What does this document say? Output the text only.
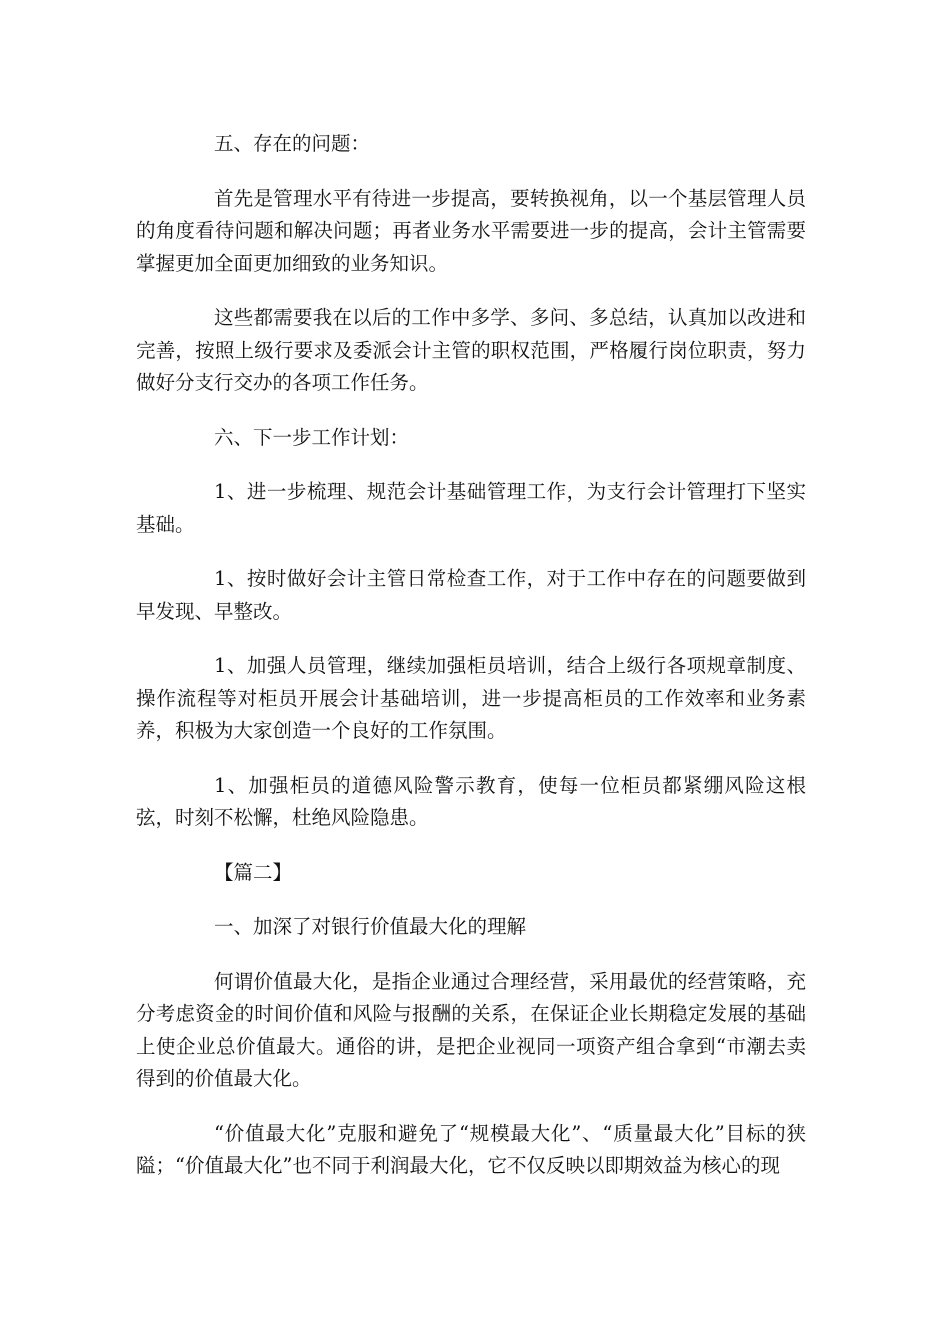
五、存在的问题：

首先是管理水平有待进一步提高，要转换视角，以一个基层管理人员的角度看待问题和解决问题；再者业务水平需要进一步的提高，会计主管需要掌握更加全面更加细致的业务知识。

这些都需要我在以后的工作中多学、多问、多总结，认真加以改进和完善，按照上级行要求及委派会计主管的职权范围，严格履行岗位职责，努力做好分支行交办的各项工作任务。

六、下一步工作计划：

1、进一步梳理、规范会计基础管理工作，为支行会计管理打下坚实基础。

1、按时做好会计主管日常检查工作，对于工作中存在的问题要做到早发现、早整改。

1、加强人员管理，继续加强柜员培训，结合上级行各项规章制度、操作流程等对柜员开展会计基础培训，进一步提高柜员的工作效率和业务素养，积极为大家创造一个良好的工作氛围。

1、加强柜员的道德风险警示教育，使每一位柜员都紧绷风险这根弦，时刻不松懈，杜绝风险隐患。

【篇二】

一、加深了对银行价值最大化的理解

何谓价值最大化，是指企业通过合理经营，采用最优的经营策略，充分考虑资金的时间价值和风险与报酬的关系，在保证企业长期稳定发展的基础上使企业总价值最大。通俗的讲，是把企业视同一项资产组合拿到“市潮去卖得到的价值最大化。

“价值最大化”克服和避免了“规模最大化”、“质量最大化”目标的狭隘；“价值最大化”也不同于利润最大化，它不仅反映以即期效益为核心的现
